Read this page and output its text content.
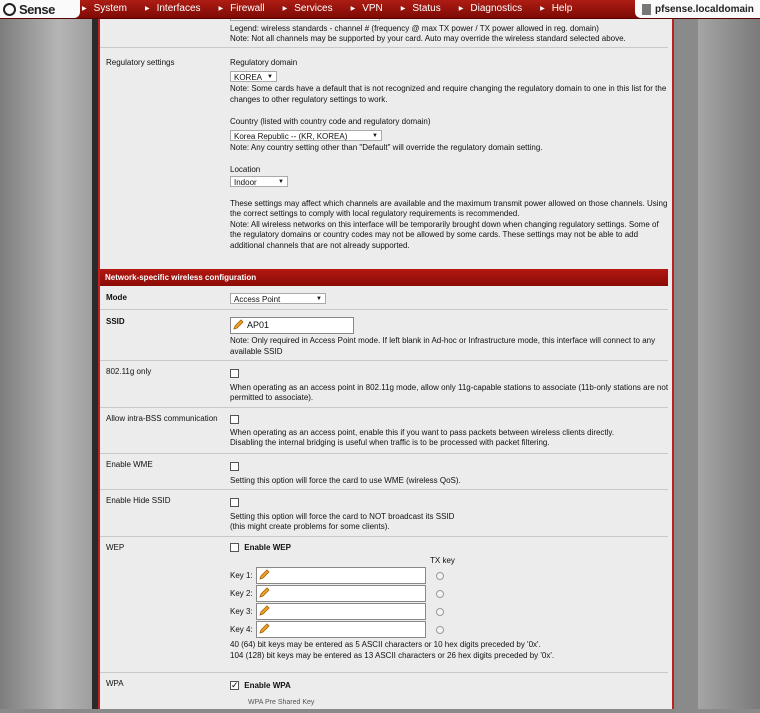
Legend: wireless standards - channel # (frequency @ max TX power / TX power allowed in reg. domain)
Note: Not all channels may be supported by your card. Auto may override the wireless standard selected above.
Regulatory settings	Regulatory domain
KOREA ▼
Note: Some cards have a default that is not recognized and require changing the regulatory domain to one in this list for the changes to other regulatory settings to work.
Country (listed with country code and regulatory domain)
Korea Republic -- (KR, KOREA)	▼
Note: Any country setting other than "Default" will override the regulatory domain setting.
Location
Indoor	▼
These settings may affect which channels are available and the maximum transmit power allowed on those channels. Using the correct settings to comply with local regulatory requirements is recommended.
Note: All wireless networks on this interface will be temporarily brought down when changing regulatory settings. Some of the regulatory domains or country codes may not be allowed by some cards. These settings may not be able to add additional channels that are not already supported.
Network-specific wireless configuration
Mode	Access Point	▼
SSID	AP01
Note: Only required in Access Point mode. If left blank in Ad-hoc or Infrastructure mode, this interface will connect to any available SSID
802.11g only
When operating as an access point in 802.11g mode, allow only 11g-capable stations to associate (11b-only stations are not permitted to associate).
Allow intra-BSS communication
When operating as an access point, enable this if you want to pass packets between wireless clients directly.
Disabling the internal bridging is useful when traffic is to be processed with packet filtering.
Enable WME
Setting this option will force the card to use WME (wireless QoS).
Enable Hide SSID
Setting this option will force the card to NOT broadcast its SSID
(this might create problems for some clients).
WEP	Enable WEP
TX key
Key 1:
Key 2:
Key 3:
Key 4:
40 (64) bit keys may be entered as 5 ASCII characters or 10 hex digits preceded by '0x'.
104 (128) bit keys may be entered as 13 ASCII characters or 26 hex digits preceded by '0x'.
WPA
✓	Enable WPA
WPA Pre Shared Key
Sense	▶ System	▶ Interfaces	▶ Firewall	▶ Services	▶ VPN	▶ Status	▶ Diagnostics	▶ Help	pfsense.localdomain
